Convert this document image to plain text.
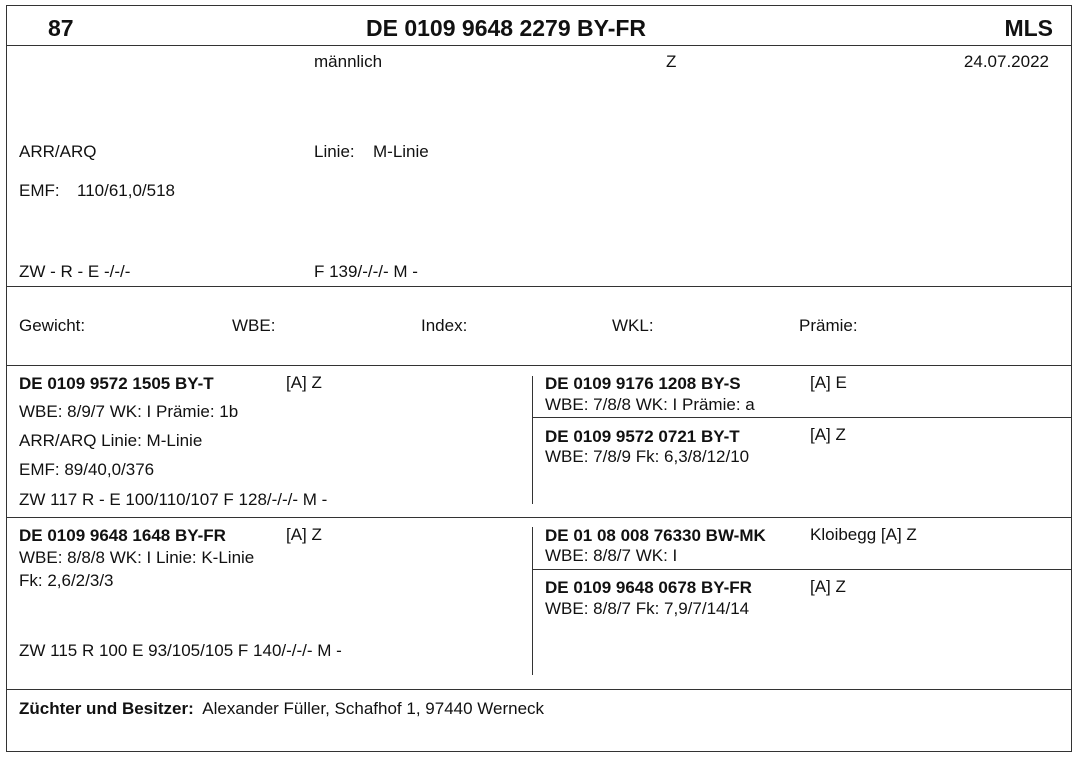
87	DE 0109 9648 2279 BY-FR	MLS
männlich	Z	24.07.2022
ARR/ARQ	Linie: M-Linie
EMF: 110/61,0/518
ZW - R - E -/-/-	F 139/-/-/- M -
Gewicht:	WBE:	Index:	WKL:	Prämie:
DE 0109 9572 1505 BY-T	[A] Z
WBE: 8/9/7 WK: I Prämie: 1b
ARR/ARQ Linie: M-Linie
EMF: 89/40,0/376
ZW 117 R - E 100/110/107 F 128/-/-/- M -
DE 0109 9176 1208 BY-S	[A] E
WBE: 7/8/8 WK: I Prämie: a
DE 0109 9572 0721 BY-T	[A] Z
WBE: 7/8/9 Fk: 6,3/8/12/10
DE 0109 9648 1648 BY-FR	[A] Z
WBE: 8/8/8 WK: I Linie: K-Linie
Fk: 2,6/2/3/3
ZW 115 R 100 E 93/105/105 F 140/-/-/- M -
DE 01 08 008 76330 BW-MK	Kloibegg [A] Z
WBE: 8/8/7 WK: I
DE 0109 9648 0678 BY-FR	[A] Z
WBE: 8/8/7 Fk: 7,9/7/14/14
Züchter und Besitzer: Alexander Füller, Schafhof 1, 97440 Werneck
